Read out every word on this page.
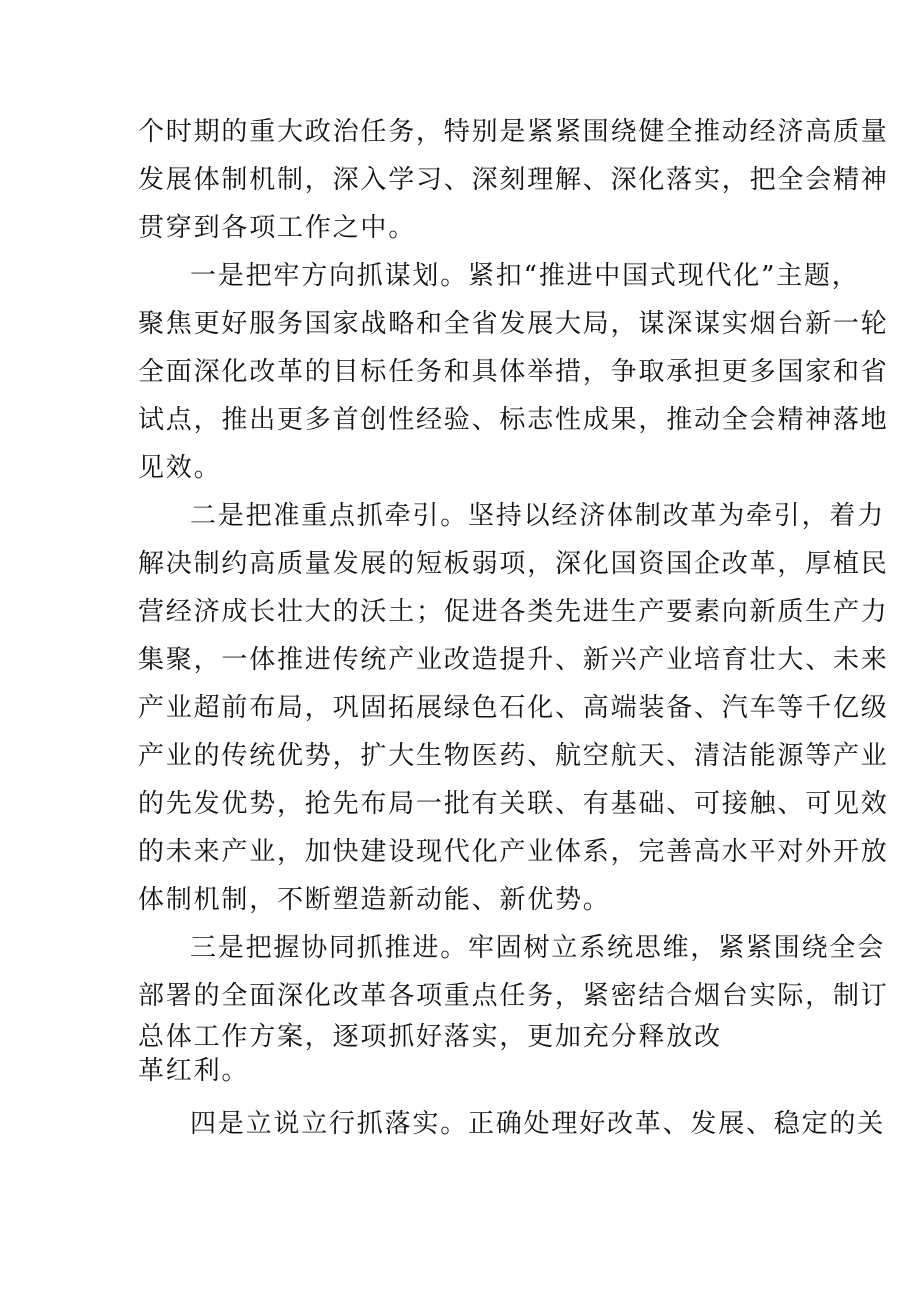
个时期的重大政治任务，特别是紧紧围绕健全推动经济高质量
发展体制机制，深入学习、深刻理解、深化落实，把全会精神
贯穿到各项工作之中。
一是把牢方向抓谋划。紧扣“推进中国式现代化”主题，
聚焦更好服务国家战略和全省发展大局，谋深谋实烟台新一轮
全面深化改革的目标任务和具体举措，争取承担更多国家和省
试点，推出更多首创性经验、标志性成果，推动全会精神落地
见效。
二是把准重点抓牵引。坚持以经济体制改革为牵引，着力
解决制约高质量发展的短板弱项，深化国资国企改革，厚植民
营经济成长壮大的沃土；促进各类先进生产要素向新质生产力
集聚，一体推进传统产业改造提升、新兴产业培育壮大、未来
产业超前布局，巩固拓展绿色石化、高端装备、汽车等千亿级
产业的传统优势，扩大生物医药、航空航天、清洁能源等产业
的先发优势，抢先布局一批有关联、有基础、可接触、可见效
的未来产业，加快建设现代化产业体系，完善高水平对外开放
体制机制，不断塑造新动能、新优势。
三是把握协同抓推进。牢固树立系统思维，紧紧围绕全会
部署的全面深化改革各项重点任务，紧密结合烟台实际，制订
总体工作方案，逐项抓好落实，更加充分释放改
革红利。
四是立说立行抓落实。正确处理好改革、发展、稳定的关
